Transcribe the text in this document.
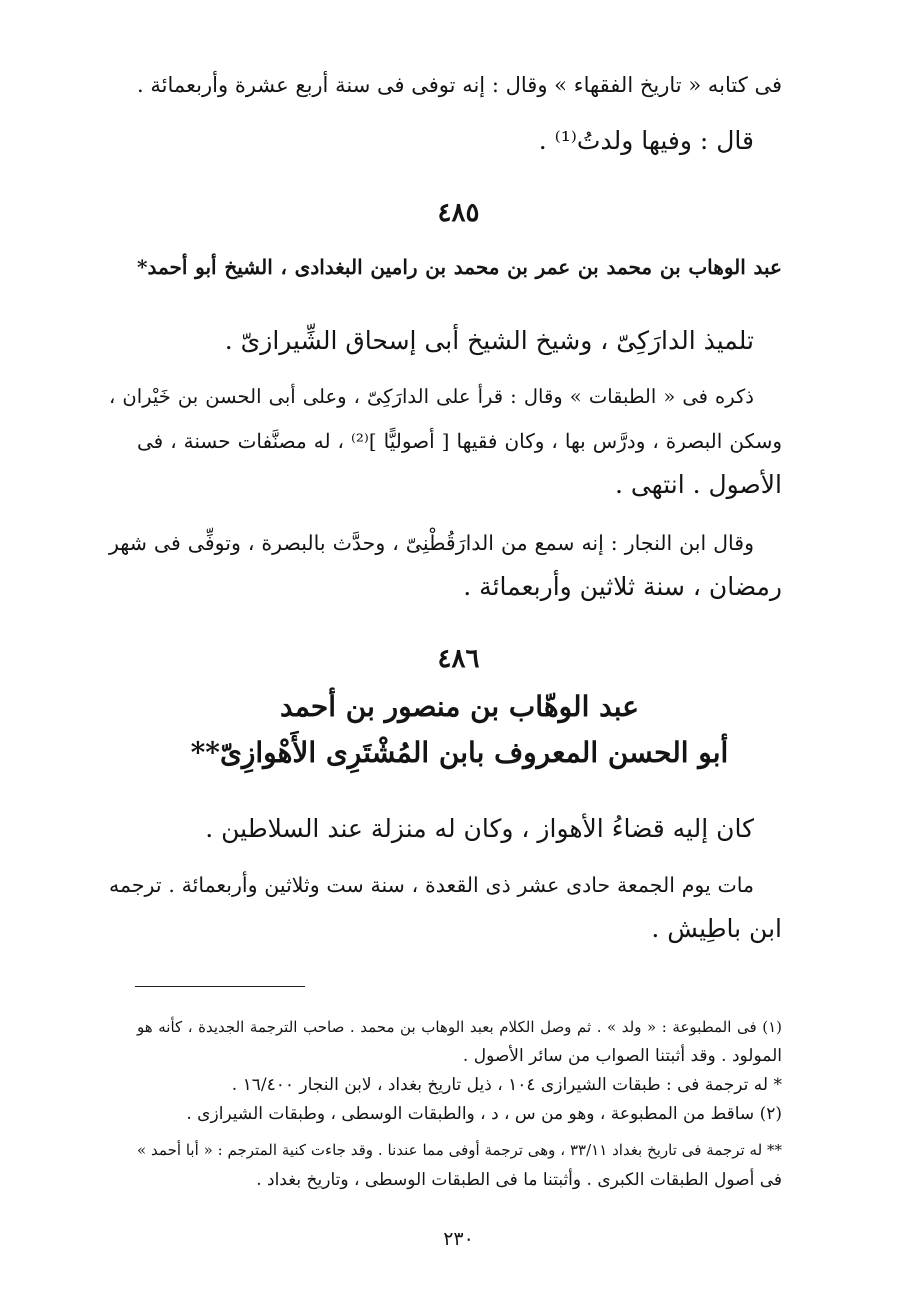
فى كتابه « تاريخ الفقهاء » وقال : إنه توفى فى سنة أربع عشرة وأربعمائة .
قال : وفيها ولدتُ⁽¹⁾ .
٤٨٥
عبد الوهاب بن محمد بن عمر بن محمد بن رامين البغدادى ، الشيخ أبو أحمد*
تلميذ الدارَكِىّ ، وشيخ الشيخ أبى إسحاق الشِّيرازىّ .
ذكره فى « الطبقات » وقال : قرأ على الدارَكِىّ ، وعلى أبى الحسن بن خَيْران ،
وسكن البصرة ، ودرَّس بها ، وكان فقيها [ أصوليًّا ]⁽²⁾ ، له مصنَّفات حسنة ، فى
الأصول . انتهى .
وقال ابن النجار : إنه سمع من الدارَقُطْنِىّ ، وحدَّث بالبصرة ، وتوفِّى فى شهر
رمضان ، سنة ثلاثين وأربعمائة .
٤٨٦
عبد الوهّاب بن منصور بن أحمد
أبو الحسن المعروف بابن المُشْتَرِى الأَهْوازِىّ**
كان إليه قضاءُ الأهواز ، وكان له منزلة عند السلاطين .
مات يوم الجمعة حادى عشر ذى القعدة ، سنة ست وثلاثين وأربعمائة . ترجمه
ابن باطِيش .
(١) فى المطبوعة : « ولد » . ثم وصل الكلام بعبد الوهاب بن محمد . صاحب الترجمة الجديدة ، كأنه هو
المولود . وقد أثبتنا الصواب من سائر الأصول .
* له ترجمة فى : طبقات الشيرازى ١٠٤ ، ذيل تاريخ بغداد ، لابن النجار ١٦/٤٠٠ .
(٢) ساقط من المطبوعة ، وهو من س ، د ، والطبقات الوسطى ، وطبقات الشيرازى .
** له ترجمة فى تاريخ بغداد ٣٣/١١ ، وهى ترجمة أوفى مما عندنا . وقد جاءت كنية المترجم : « أبا أحمد »
فى أصول الطبقات الكبرى . وأثبتنا ما فى الطبقات الوسطى ، وتاريخ بغداد .
٢٣٠
